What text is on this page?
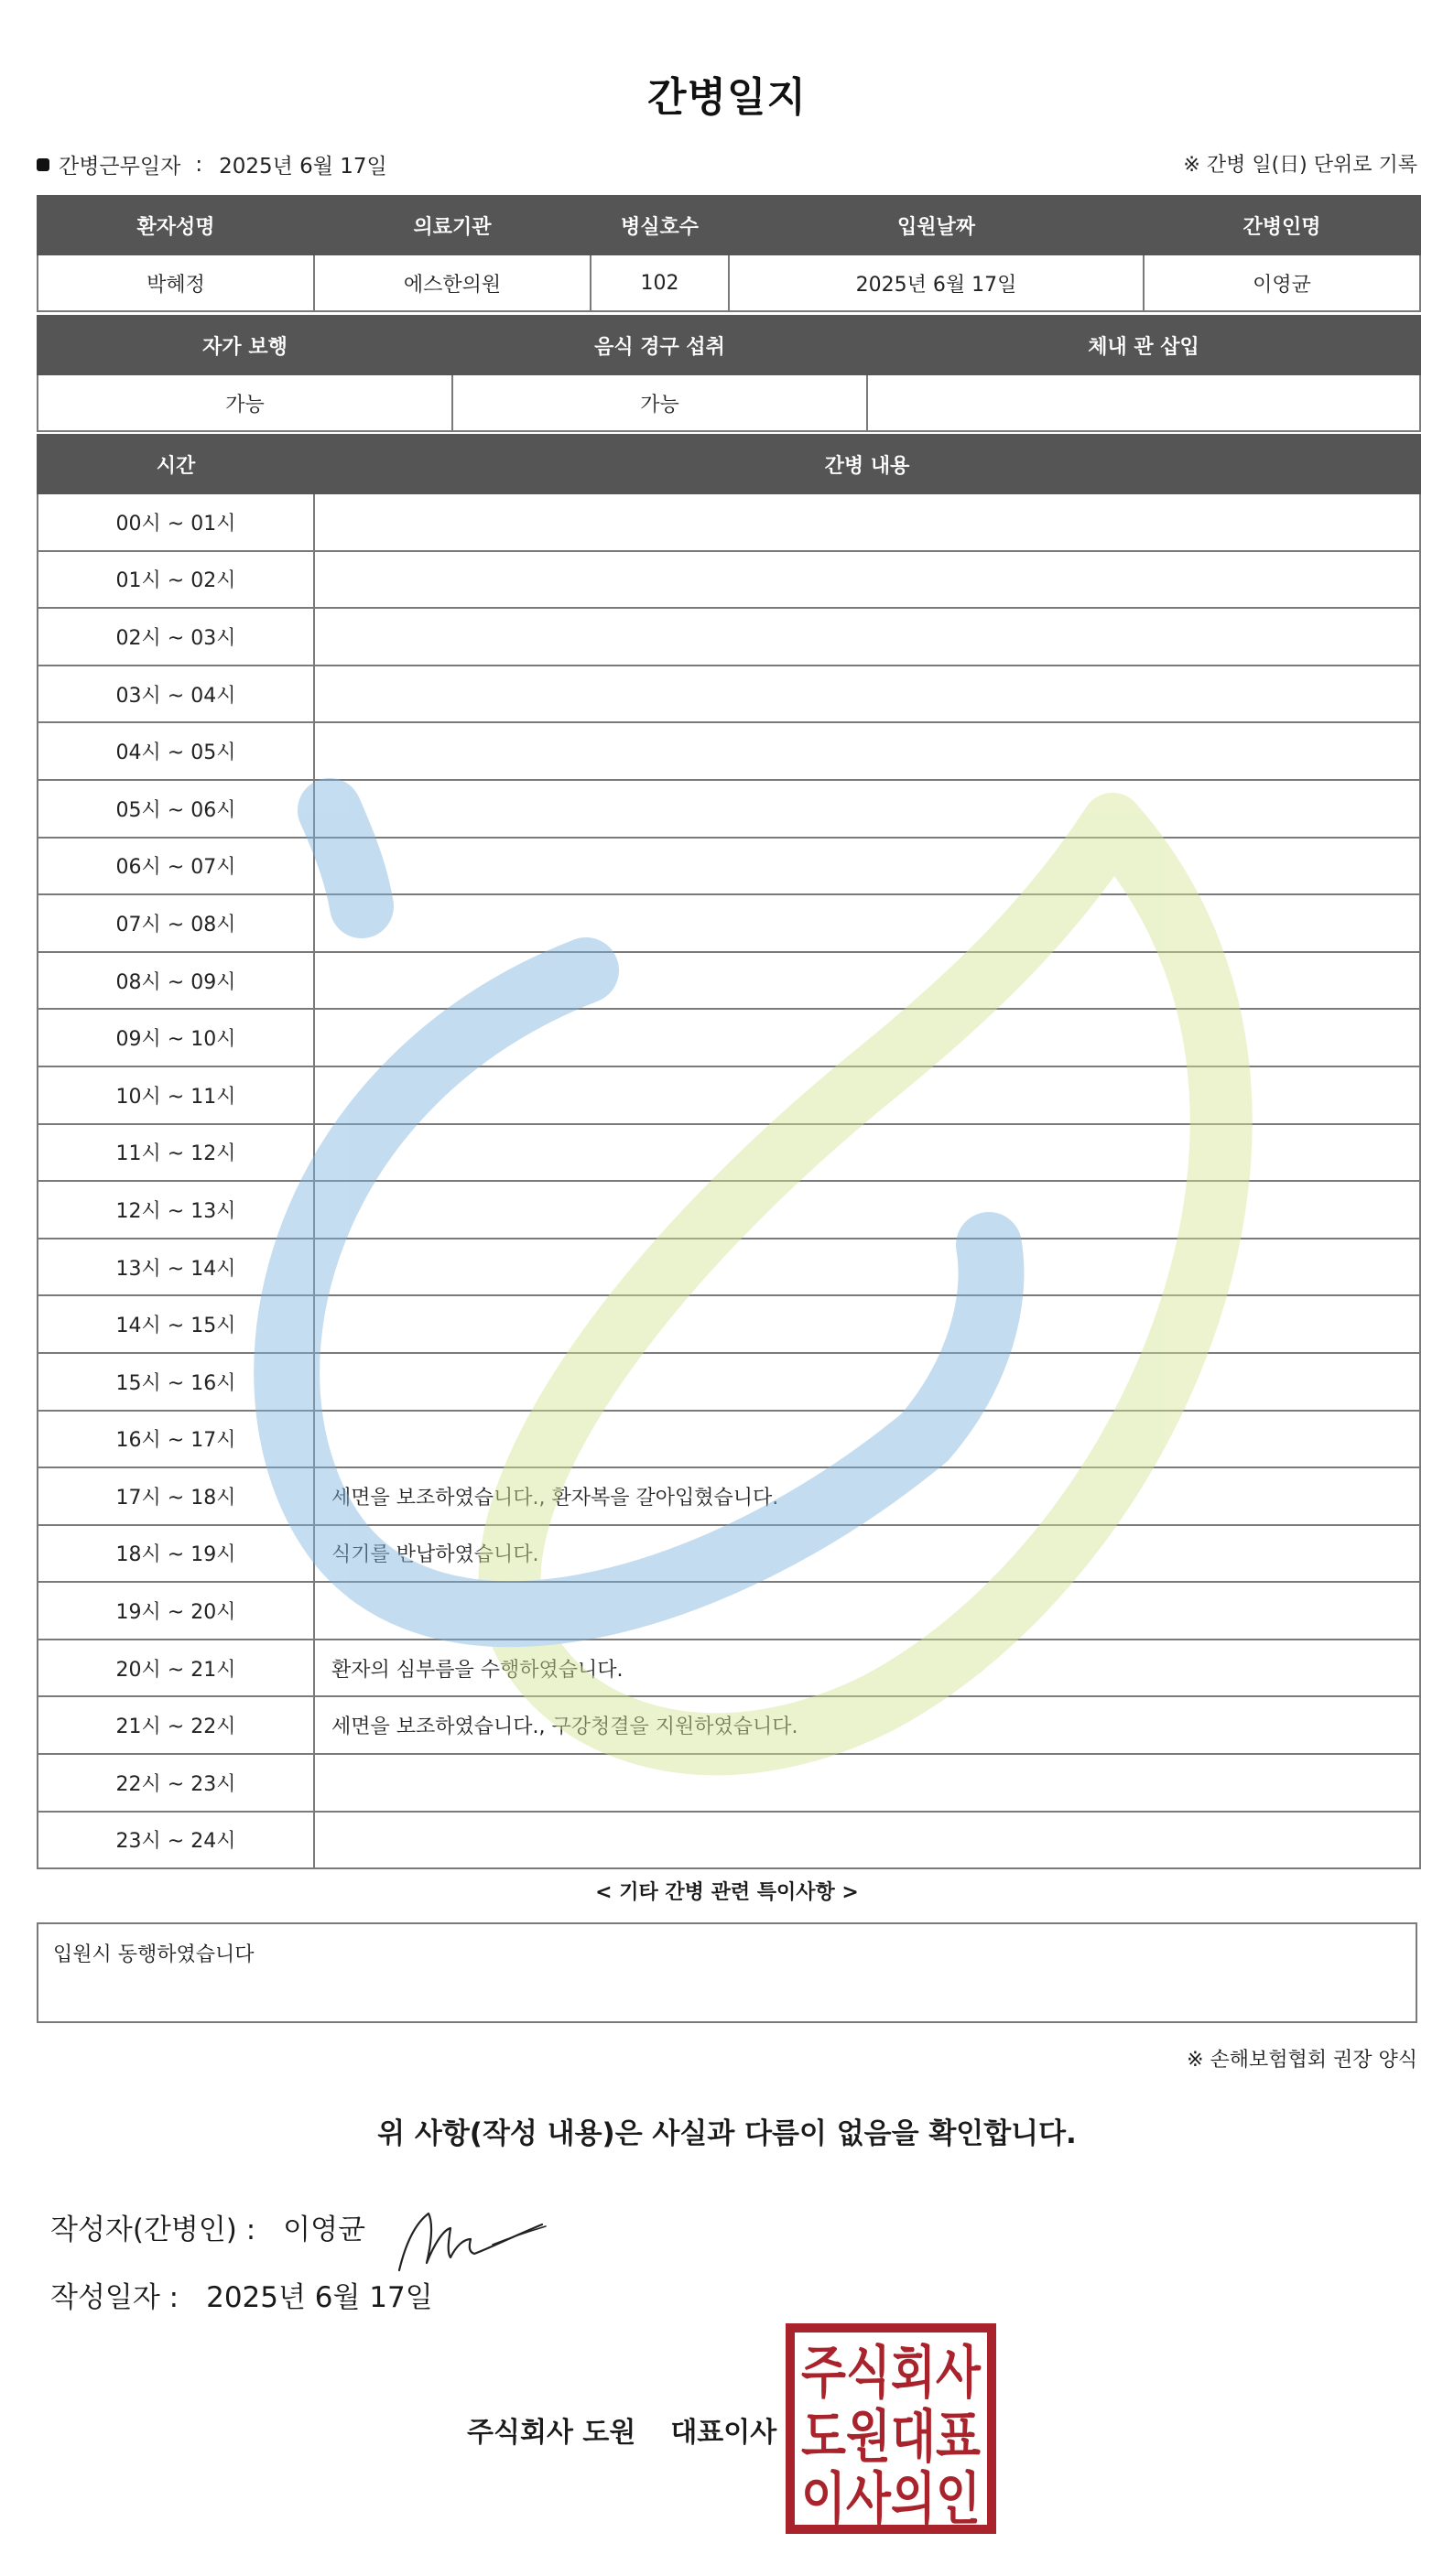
간병일지
간병근무일자 : 2025년 6월 17일	※ 간병 일(日) 단위로 기록
환자성명	의료기관	병실호수	입원날짜	간병인명
박혜정	에스한의원	102	2025년 6월 17일	이영균
자가 보행	음식 경구 섭취	체내 관 삽입
가능	가능	
시간	간병 내용
00시 ~ 01시	
01시 ~ 02시	
02시 ~ 03시	
03시 ~ 04시	
04시 ~ 05시	
05시 ~ 06시	
06시 ~ 07시	
07시 ~ 08시	
08시 ~ 09시	
09시 ~ 10시	
10시 ~ 11시	
11시 ~ 12시	
12시 ~ 13시	
13시 ~ 14시	
14시 ~ 15시	
15시 ~ 16시	
16시 ~ 17시	
17시 ~ 18시	세면을 보조하였습니다., 환자복을 갈아입혔습니다.
18시 ~ 19시	식기를 반납하였습니다.
19시 ~ 20시	
20시 ~ 21시	환자의 심부름을 수행하였습니다.
21시 ~ 22시	세면을 보조하였습니다., 구강청결을 지원하였습니다.
22시 ~ 23시	
23시 ~ 24시	
< 기타 간병 관련 특이사항 >
입원시 동행하였습니다
※ 손해보험협회 권장 양식
위 사항(작성 내용)은 사실과 다름이 없음을 확인합니다.
작성자(간병인) : 이영균
작성일자 : 2025년 6월 17일
주식회사 도원 대표이사
주식회사
도원대표
이사의인
